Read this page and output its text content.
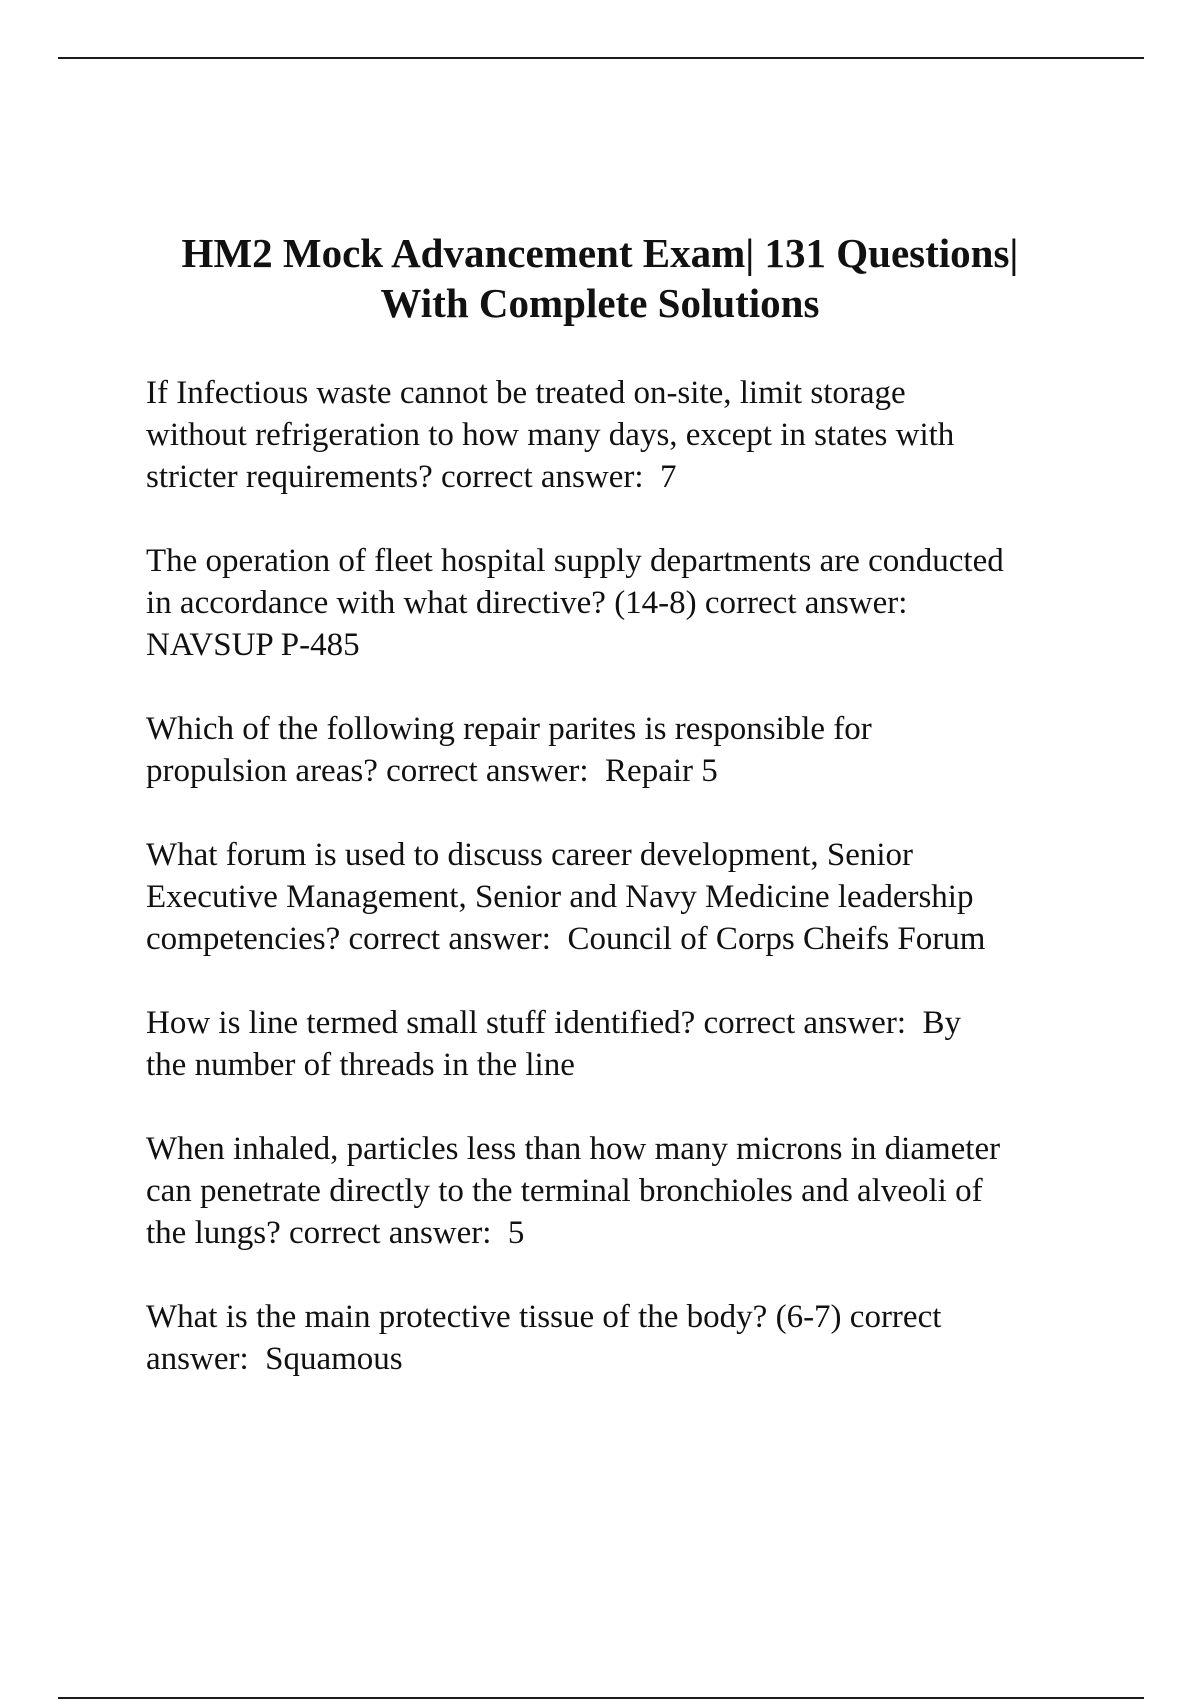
HM2 Mock Advancement Exam| 131 Questions|
With Complete Solutions
If Infectious waste cannot be treated on-site, limit storage
without refrigeration to how many days, except in states with
stricter requirements? correct answer:  7
The operation of fleet hospital supply departments are conducted
in accordance with what directive? (14-8) correct answer:
NAVSUP P-485
Which of the following repair parites is responsible for
propulsion areas? correct answer:  Repair 5
What forum is used to discuss career development, Senior
Executive Management, Senior and Navy Medicine leadership
competencies? correct answer:  Council of Corps Cheifs Forum
How is line termed small stuff identified? correct answer:  By
the number of threads in the line
When inhaled, particles less than how many microns in diameter
can penetrate directly to the terminal bronchioles and alveoli of
the lungs? correct answer:  5
What is the main protective tissue of the body? (6-7) correct
answer:  Squamous
